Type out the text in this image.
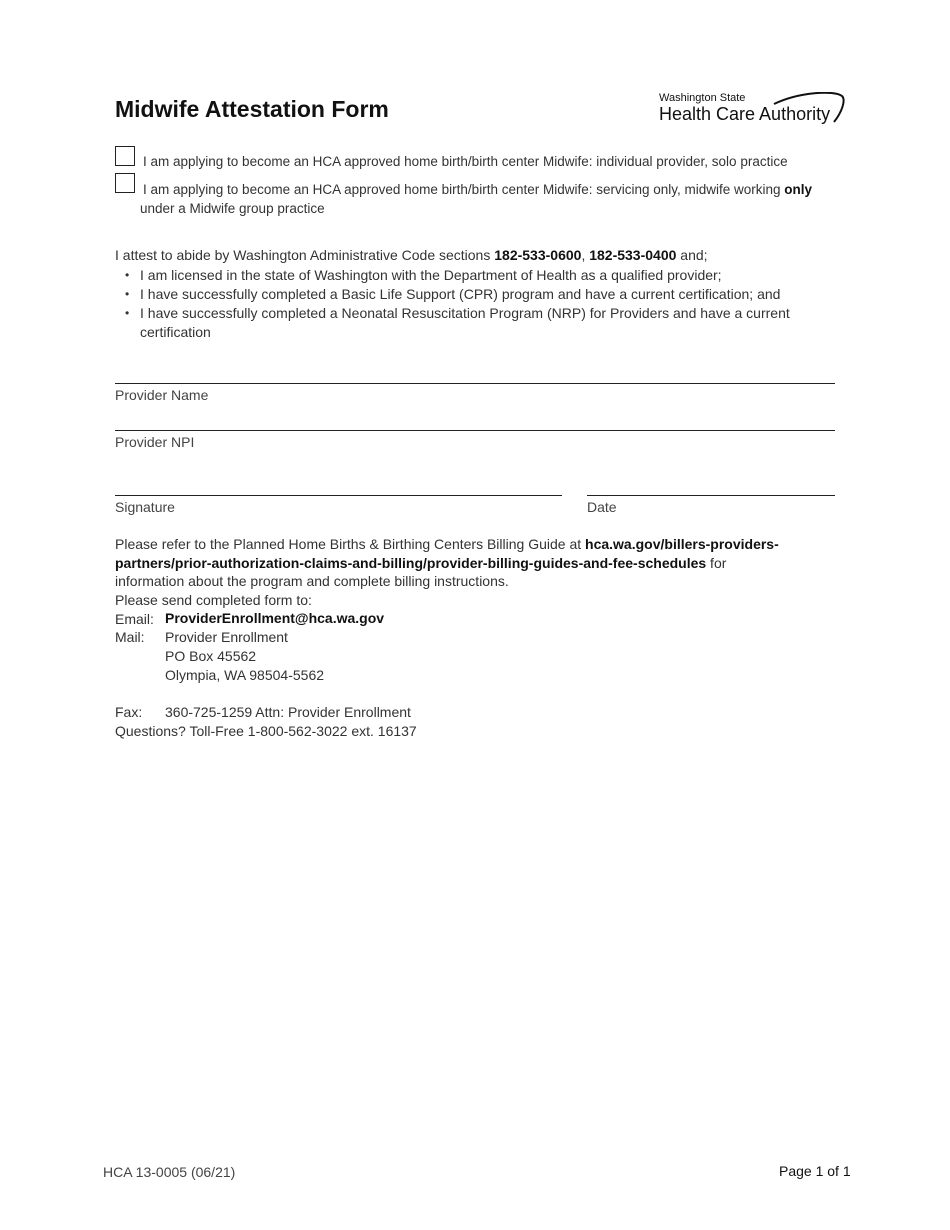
Midwife Attestation Form	Washington State
Health Care Authority
I am applying to become an HCA approved home birth/birth center Midwife: individual provider, solo practice
I am applying to become an HCA approved home birth/birth center Midwife: servicing only, midwife working only
under a Midwife group practice
I attest to abide by Washington Administrative Code sections 182-533-0600, 182-533-0400 and;
• I am licensed in the state of Washington with the Department of Health as a qualified provider;
• I have successfully completed a Basic Life Support (CPR) program and have a current certification; and
• I have successfully completed a Neonatal Resuscitation Program (NRP) for Providers and have a current certification
Provider Name
Provider NPI
Signature	Date
Please refer to the Planned Home Births & Birthing Centers Billing Guide at hca.wa.gov/billers-providers-
partners/prior-authorization-claims-and-billing/provider-billing-guides-and-fee-schedules for
information about the program and complete billing instructions.
Please send completed form to:
Email: ProviderEnrollment@hca.wa.gov
Mail: Provider Enrollment
PO Box 45562
Olympia, WA 98504-5562
Fax: 360-725-1259 Attn: Provider Enrollment
Questions? Toll-Free 1-800-562-3022 ext. 16137
HCA 13-0005 (06/21)	Page 1 of 1
